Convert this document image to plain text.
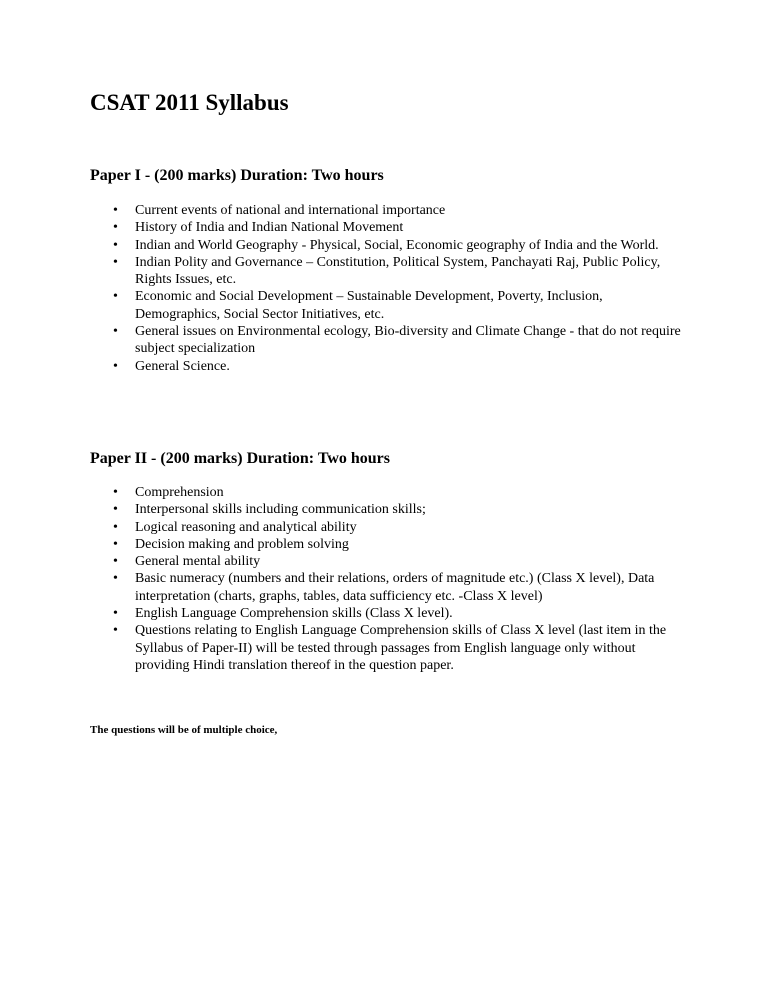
CSAT 2011 Syllabus
Paper I - (200 marks) Duration: Two hours
• Current events of national and international importance
• History of India and Indian National Movement
• Indian and World Geography - Physical, Social, Economic geography of India and the World.
• Indian Polity and Governance – Constitution, Political System, Panchayati Raj, Public Policy, Rights Issues, etc.
• Economic and Social Development – Sustainable Development, Poverty, Inclusion, Demographics, Social Sector Initiatives, etc.
• General issues on Environmental ecology, Bio-diversity and Climate Change - that do not require subject specialization
• General Science.
Paper II - (200 marks) Duration: Two hours
• Comprehension
• Interpersonal skills including communication skills;
• Logical reasoning and analytical ability
• Decision making and problem solving
• General mental ability
• Basic numeracy (numbers and their relations, orders of magnitude etc.) (Class X level), Data interpretation (charts, graphs, tables, data sufficiency etc. -Class X level)
• English Language Comprehension skills (Class X level).
• Questions relating to English Language Comprehension skills of Class X level (last item in the Syllabus of Paper-II) will be tested through passages from English language only without providing Hindi translation thereof in the question paper.

The questions will be of multiple choice,
